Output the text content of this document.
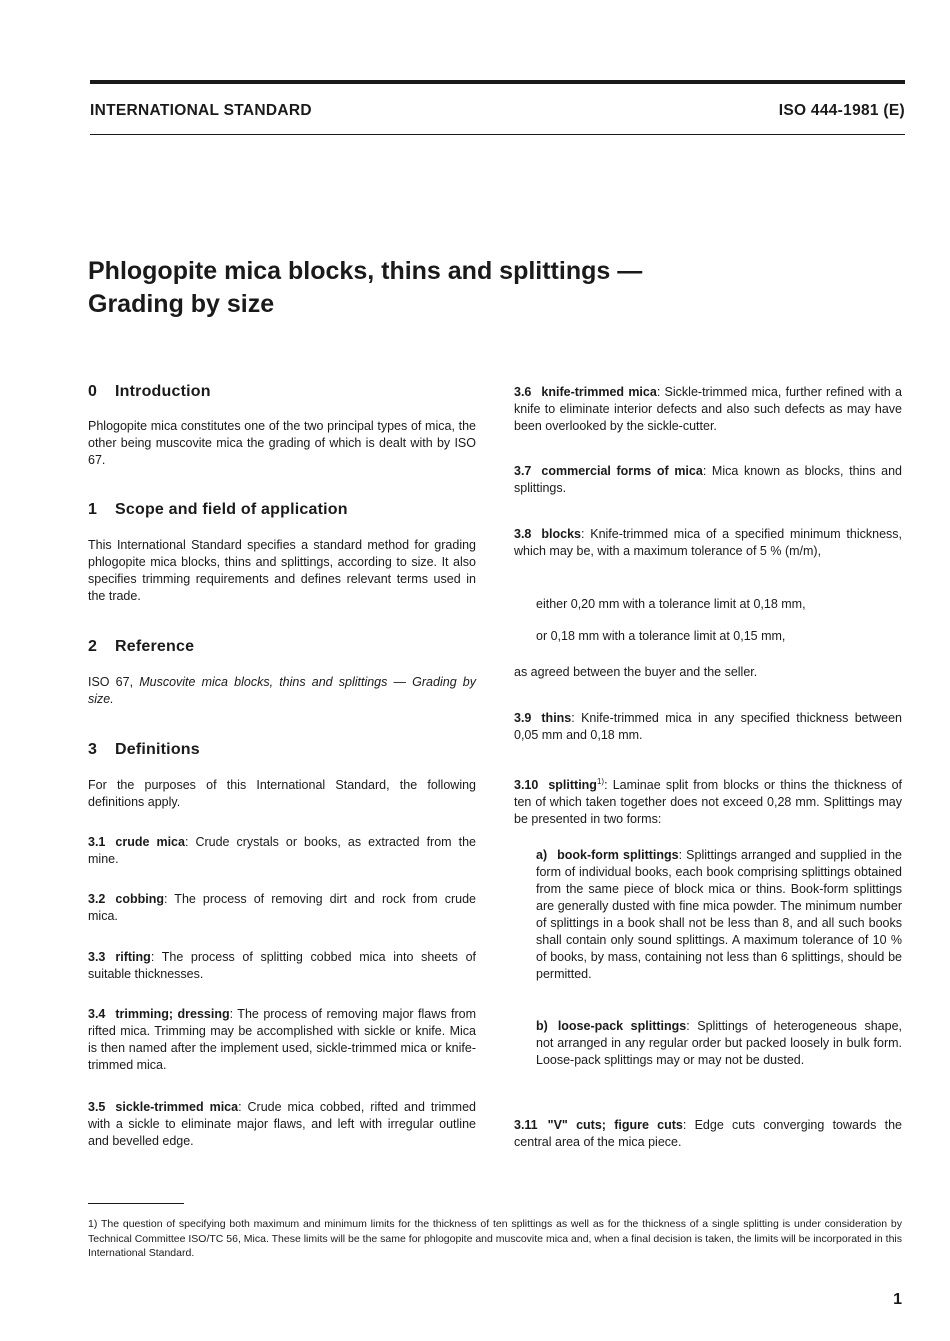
INTERNATIONAL STANDARD	ISO 444-1981 (E)
Phlogopite mica blocks, thins and splittings —
Grading by size
0 Introduction

Phlogopite mica constitutes one of the two principal types of mica, the other being muscovite mica the grading of which is dealt with by ISO 67.

1 Scope and field of application

This International Standard specifies a standard method for grading phlogopite mica blocks, thins and splittings, according to size. It also specifies trimming requirements and defines relevant terms used in the trade.

2 Reference

ISO 67, Muscovite mica blocks, thins and splittings — Grading by size.

3 Definitions

For the purposes of this International Standard, the following definitions apply.

3.1 crude mica: Crude crystals or books, as extracted from the mine.

3.2 cobbing: The process of removing dirt and rock from crude mica.

3.3 rifting: The process of splitting cobbed mica into sheets of suitable thicknesses.

3.4 trimming; dressing: The process of removing major flaws from rifted mica. Trimming may be accomplished with sickle or knife. Mica is then named after the implement used, sickle-trimmed mica or knife-trimmed mica.

3.5 sickle-trimmed mica: Crude mica cobbed, rifted and trimmed with a sickle to eliminate major flaws, and left with irregular outline and bevelled edge.

3.6 knife-trimmed mica: Sickle-trimmed mica, further refined with a knife to eliminate interior defects and also such defects as may have been overlooked by the sickle-cutter.

3.7 commercial forms of mica: Mica known as blocks, thins and splittings.

3.8 blocks: Knife-trimmed mica of a specified minimum thickness, which may be, with a maximum tolerance of 5 % (m/m),

either 0,20 mm with a tolerance limit at 0,18 mm,

or 0,18 mm with a tolerance limit at 0,15 mm,

as agreed between the buyer and the seller.

3.9 thins: Knife-trimmed mica in any specified thickness between 0,05 mm and 0,18 mm.

3.10 splitting$^{1)}$: Laminae split from blocks or thins the thickness of ten of which taken together does not exceed 0,28 mm. Splittings may be presented in two forms:

a) book-form splittings: Splittings arranged and supplied in the form of individual books, each book comprising splittings obtained from the same piece of block mica or thins. Book-form splittings are generally dusted with fine mica powder. The minimum number of splittings in a book shall not be less than 8, and all such books shall contain only sound splittings. A maximum tolerance of 10 % of books, by mass, containing not less than 6 splittings, should be permitted.

b) loose-pack splittings: Splittings of heterogeneous shape, not arranged in any regular order but packed loosely in bulk form. Loose-pack splittings may or may not be dusted.

3.11 "V" cuts; figure cuts: Edge cuts converging towards the central area of the mica piece.

1) The question of specifying both maximum and minimum limits for the thickness of ten splittings as well as for the thickness of a single splitting is under consideration by Technical Committee ISO/TC 56, Mica. These limits will be the same for phlogopite and muscovite mica and, when a final decision is taken, the limits will be incorporated in this International Standard.

1
